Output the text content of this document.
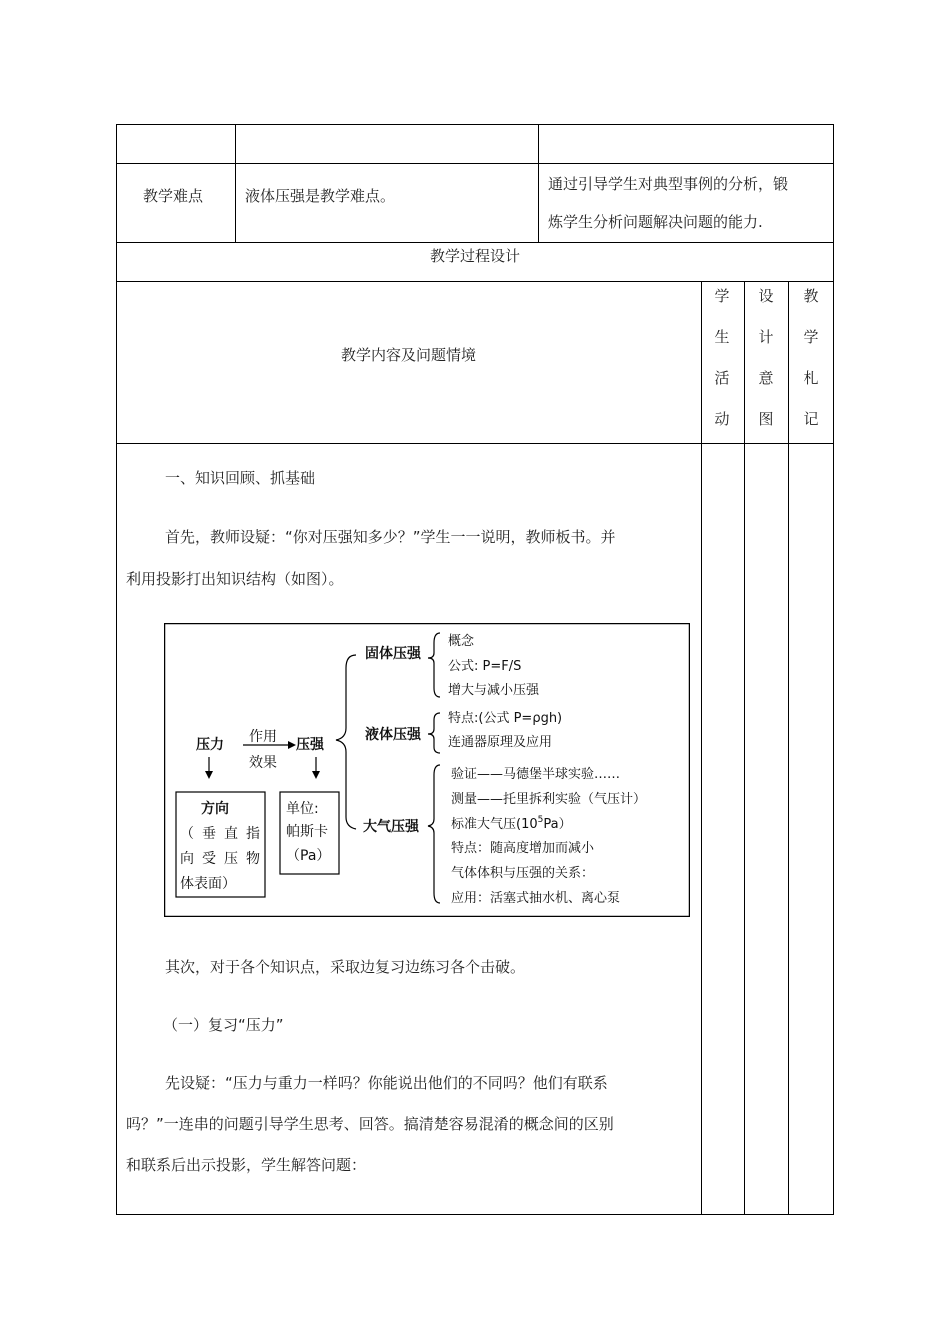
教学难点	液体压强是教学难点。
通过引导学生对典型事例的分析，锻
炼学生分析问题解决问题的能力.
教学过程设计
教学内容及问题情境
学
生
活
动
设
计
意
图
教
学
札
记
一、知识回顾、抓基础
首先，教师设疑：“你对压强知多少？”学生一一说明，教师板书。并
利用投影打出知识结构（如图）。
压力 作用
效果
压强
方向
（垂直指
向受压物
体表面）
单位:
帕斯卡
（Pa）
固体压强
液体压强
大气压强
概念
公式: P=F/S
增大与减小压强
特点:(公式 P=ρgh)
连通器原理及应用
验证——马德堡半球实验……
测量——托里拆利实验（气压计）
标准大气压$(10^5Pa)$
特点：随高度增加而减小
气体体积与压强的关系：
应用：活塞式抽水机、离心泵
其次，对于各个知识点，采取边复习边练习各个击破。
（一）复习“压力”
先设疑：“压力与重力一样吗？你能说出他们的不同吗？他们有联系
吗？”一连串的问题引导学生思考、回答。搞清楚容易混淆的概念间的区别
和联系后出示投影，学生解答问题：
